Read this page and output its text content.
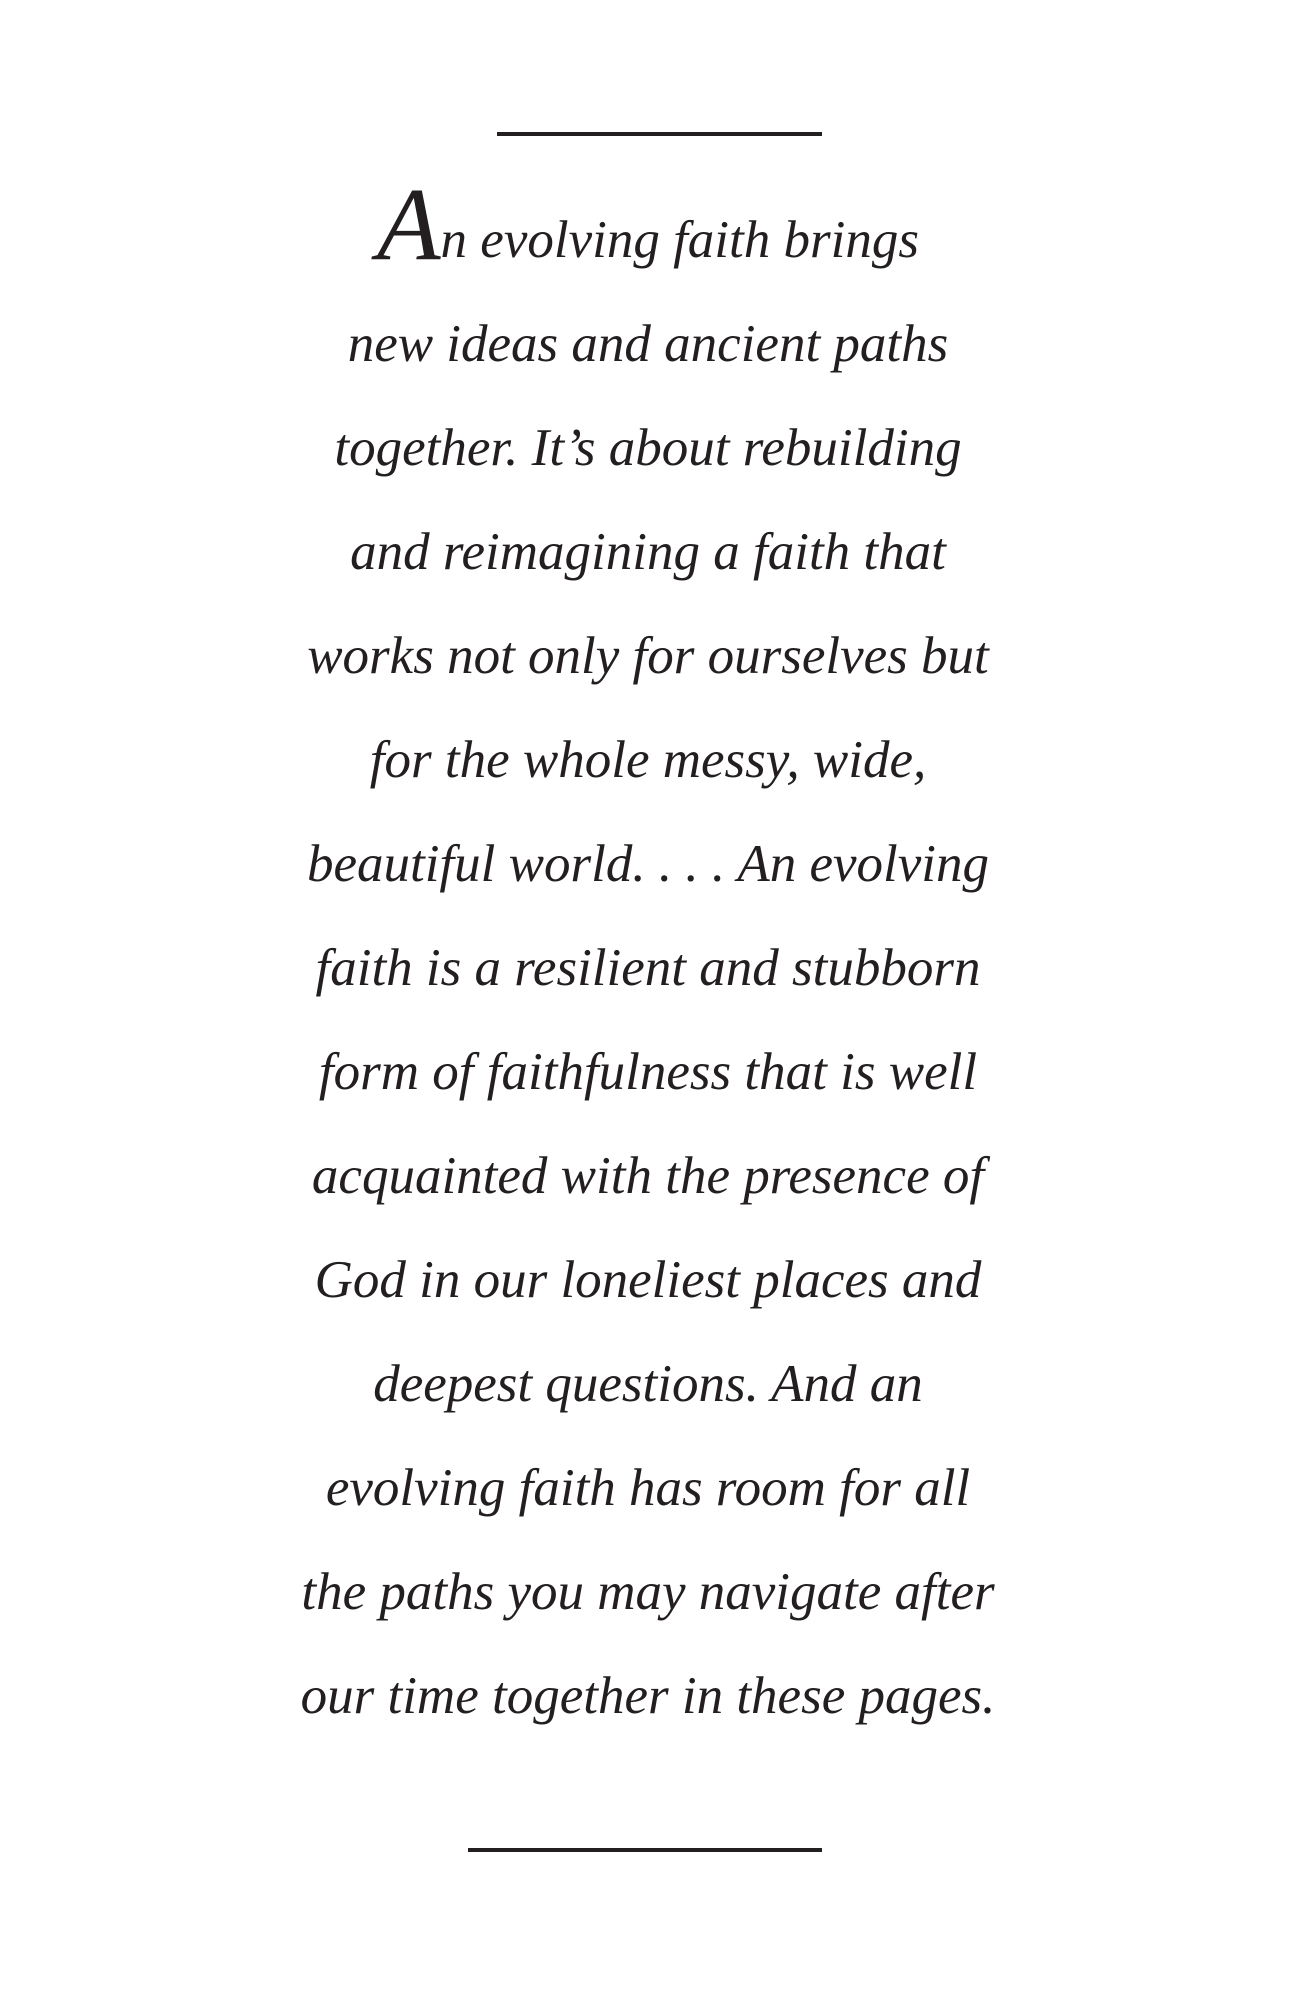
An evolving faith brings
new ideas and ancient paths
together. It’s about rebuilding
and reimagining a faith that
works not only for ourselves but
for the whole messy, wide,
beautiful world. . . . An evolving
faith is a resilient and stubborn
form of faithfulness that is well
acquainted with the presence of
God in our loneliest places and
deepest questions. And an
evolving faith has room for all
the paths you may navigate after
our time together in these pages.
